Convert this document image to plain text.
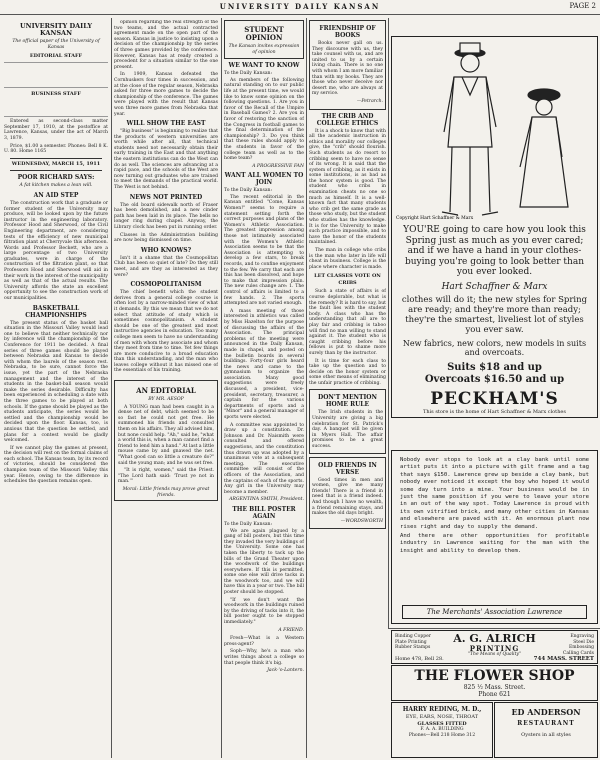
UNIVERSITY DAILY KANSAN	PAGE 2
UNIVERSITY DAILY KANSAN
The official paper of the University of Kansas
EDITORIAL STAFF
BUSINESS STAFF

Entered as second-class matter September 17, 1910, at the postoffice at Lawrence, Kansas, under the act of March 3, 1879.

Price, $1.00 a semester. Phones: Bell 8 K. U. 80. Home 1165

WEDNESDAY, MARCH 15, 1911
POOR RICHARD SAYS:
A fat kitchen makes a lean will.
AN AID STEP

The construction work that a graduate or former student of the University may produce, will be looked upon by the future instructor in the engineering laboratory. Professor Hood and Sherwood, of the Civil Engineering department, are considering tests of the efficiency of new municipal filtration plant at Cherryvale this afternoon. Words and Professor Beckett, who are a large percentage of two University graduates, were in charge of the construction of the filtration plant, so that Professors Hood and Sherwood will aid in their work in the interest of the municipality as well as that of the actual results. The University affords the state an excellent opportunity to see the construction work of our municipalities.

BASKETBALL CHAMPIONSHIPS

The present status of the basket ball situation in the Missouri Valley would lead one to believe that neither technically nor by inference will the championship of the Conference for 1911 be decided. A final series of three games should be played between Nebraska and Kansas to decide with whom the laurels of the season rest. Nebraska, to be sure, cannot force the issue, yet the part of the Nebraska management and the interest of the students in the basket-ball season would make the series desirable. Difficulty has been experienced in scheduling a date with the three games to be played at both schools. If the game should be played as the students anticipate, the series would be settled and the championship would be decided upon the floor. Kansas, too, is anxious that the question be settled, and plans for a contest would be gladly welcomed.

If we cannot play the games at present, the decision will rest on the formal claims of each school. The Kansas team, by its record of victories, should be considered the champion team of the Missouri Valley this year. Hence, owing to the difference in schedules the question remains open.

opinion regarding the real strength of the two teams, and the actual contracted agreement made on the open part of the season. Kansas in justice to insisting upon a decision of the championship by the series of three games provided by the conference. However, Kansas has at ready created a precedent for a situation similar to the one present.

In 1909, Kansas defeated the Cornhuskers four times in succession, and at the close of the regular season, Nebraska asked for three more games to decide the championship of the conference. The games were played with the result that Kansas won three more games from Nebraska that year.

WILL SHOW THE EAST

"Big business" is beginning to realize that the products of western universities are worth while after all, that technical students need not necessarily obtain their early training in the East and that anything the eastern institutions can do the West can do as well. The sciences are advancing at a rapid pace, and the schools of the West are now turning out graduates who are trained to meet the demands of the practical world. The West is not behind.

NEWS NOT PRINTED

The old board sidewalk north of Fraser has been demolished, and a new cinder path has been laid in its place. The bells no longer ring during chapel. Anyway, the Library clock has been put in running order.

Classes in the Administration building are now being dismissed on time.

WHO KNOWS?

Isn't it a shame that the Cosmopolitan Club has been so quiet of late? Do they still meet, and are they as interested as they were?

COSMOPOLITANISM

The chief benefit which the student derives from a general college course is often lost by a narrow-minded view of what it demands. By this we mean that we do not select that attitude of study which is sometimes cosmopolitanism. A student should be one of the greatest and most instructive agencies in education. Too many college men seem to have no understanding of men with whom they associate and whom they meet from time to time. Yet few things are more conducive to a broad education than this understanding, and the man who leaves college without it has missed one of the essentials of his training.

AN EDITORIAL
BY MR. AESOP

A YOUNG man had been caught in a dense net of debt, which seemed to be so fast he could not get free. He summoned his friends and consulted them on his affairs. They all advised him, but none could help. "Ah," said he, "what a world this is, when a man cannot find a friend to lend him a hand." At last a little mouse came by and gnawed the net. "What good can so little a creature do?" said the young man; and he was set free.

"It is right, women," said the Priest. "The Lord hath said: 'Trust ye not in man.'"

Moral: Little friends may prove great friends.
STUDENT OPINION
The Kansan invites expression of opinion
WE WANT TO KNOW
To the Daily Kansan:

As members of the following natural standing on to our public life at the present time, we would like to know some opinion on the following questions. 1. Are you in favor of the Recall of the Umpire in Baseball Games? 2. Are you in favor of restoring the sanction of the Congress in football games to the final determination of the championship? 3. Do you think that these rules should apply to the students in favor of the college team as well as to the home team?

A PROGRESSIVE FAN
WANT ALL WOMEN TO JOIN
To the Daily Kansan:

The recent editorial in the Kansan entitled "Come, Kansas Women!" seems to require a statement setting forth the correct purposes and plans of the Women's Athletic Association. The greatest impression among those not intimately associated with the Women's Athletic Association seems to be that the Association is attempting to develop a few stars, to break records, and to confine enjoyment to the few. We carry that each are this has been dissolved, and hope to make that impression plain. The new rules change are: 1. The control of affairs is limited to a few hands. 2. The sports attempted are not varied enough.

A mass meeting of those interested in athletics was called by Miss Hazelton for the purpose of discussing the affairs of the Association. The principal problems of the meeting were announced in the Daily Kansan, made in chapel, and posted on the bulletin boards in several buildings. Forty-four girls heard the news and came to the gymnasium to organize the association. Many good suggestions were freely discussed, a president, vice-president, secretary, treasurer, a captain for the various departments of sports and a "Minor" and a general manager of sports were elected.

A committee was appointed to draw up a constitution. Dr. Johnson and Dr. Naismith were consulted and offered suggestions, and the constitution thus drawn up was adopted by a unanimous vote at a subsequent meeting. The executive committee will consist of the officers of the Association, and the captains of each of the sports. Any girl in the University may become a member.

ARGENTINA SMITH, President.
THE BILL POSTER AGAIN
To the Daily Kansan:

We are again plagued by a gang of bill posters, but this time they invaded the very buildings of the University. Some one has taken the liberty to tack up the bills of the Grand Theater upon the woodwork of the buildings everywhere. If this is permitted, some one else will drive tacks in the woodwork too, and we will have this in a year or two. The bill poster should be stopped.

"If we don't want the woodwork in the buildings ruined by the driving of tacks into it, the bill poster ought to be stopped immediately."

A FRIEND.

Fresh—What is a Western press-agent?

Soph—Why, he's a man who writes things about a college so that people think it's big.

Jack-'o-Lantern.
FRIENDSHIP OF BOOKS

Books never gall on us. They discourse with us, they take counsel with us, and are united to us by a certain living chain. There is no one with whom I am more familiar than with my books. They are those who never deceive nor desert me, who are always at my service.

—Petrarch.
THE CRIB AND COLLEGE ETHICS

It is a shock to know that with all the academic instruction in ethics and morality our colleges give, the "crib" should flourish. Such students as do resort to cribbing seem to have no sense of its wrong. It is said that the system of cribbing, as it exists in some institutions, is as bad as the honor system is good. The student who cribs in examination cheats no one so much as himself. It is a well-known fact that many students who crib get the same grade as those who study, but the student who studies has the knowledge. It is for the University to make such practice impossible, and to have the honor of the students maintained.

The man in college who cribs is the man who later in life will cheat in business. College is the place where character is made.

LET CLASSES VOTE ON CRIBS

Such a state of affairs is of course deplorable, but what is the remedy? It is hard to say, but the fault lies with the student body. A class who has the understanding that all are to play fair and cribbing is taboo will find no man willing to stand against it. The student who is caught cribbing before his fellows is put to shame more surely than by the instructor.

It is time for each class to take up the question and to decide on the honor system or some other means of eliminating the unfair practice of cribbing.

DON'T MENTION HOME RULE

The Irish students in the University are giving a big celebration for St. Patrick's day. A banquet will be given in Myers Hall. The affair promises to be a great success.

OLD FRIENDS IN VERSE

Good times in men and women, give me many friends! There is a friend in need that is a friend indeed. And though I have no wealth, a friend remaining stays, and makes the old days bright.

—WORDSWORTH
Copyright Hart Schaffner & Marx
YOU'RE going to care how you look this Spring just as much as you ever cared; and if we have a hand in your clothes-buying you're going to look better than you ever looked.
Hart Schaffner & Marx
clothes will do it; the new styles for Spring are ready; and they're more than ready; they're the smartest, liveliest lot of styles you ever saw.
New fabrics, new colors, new models in suits and overcoats.
Suits $18 and up
Overcoats $16.50 and up
PECKHAM'S
This store is the home of Hart Schaffner & Marx clothes
Nobody ever stops to look at a clay bank until some artist puts it into a picture with gilt frame and a tag that says $150. Lawrence grew up beside a clay bank, but nobody ever noticed it except the boy who hoped it would some day turn into a mine. Your business would be in just the same position if you were to leave your store in an out of the way spot. Today Lawrence is proud with its own vitrified brick, and many other cities in Kansas and elsewhere are paved with it. An enormous plant now rises right and day to supply the demand.
And there are other opportunities for profitable industry in Lawrence waiting for the man with the insight and ability to develop them.
The Merchants' Association Lawrence
Binding Copper Plate Printing Rubber Stamps
A. G. ALRICH
PRINTING
"The Means of Quality"
Engraving Steel Die Embossing Calling Cards
Home 478, Bell 28.	744 MASS. STREET
THE FLOWER SHOP
825 ½ Mass. Street.
Phone 621
HARRY REDING, M. D.,
EYE, EARS, NOSE, THROAT
GLASSES FITTED
F. A. A. BUILDING
Phones—Bell 218 Home 312
ED ANDERSON
RESTAURANT
Oysters in all styles
